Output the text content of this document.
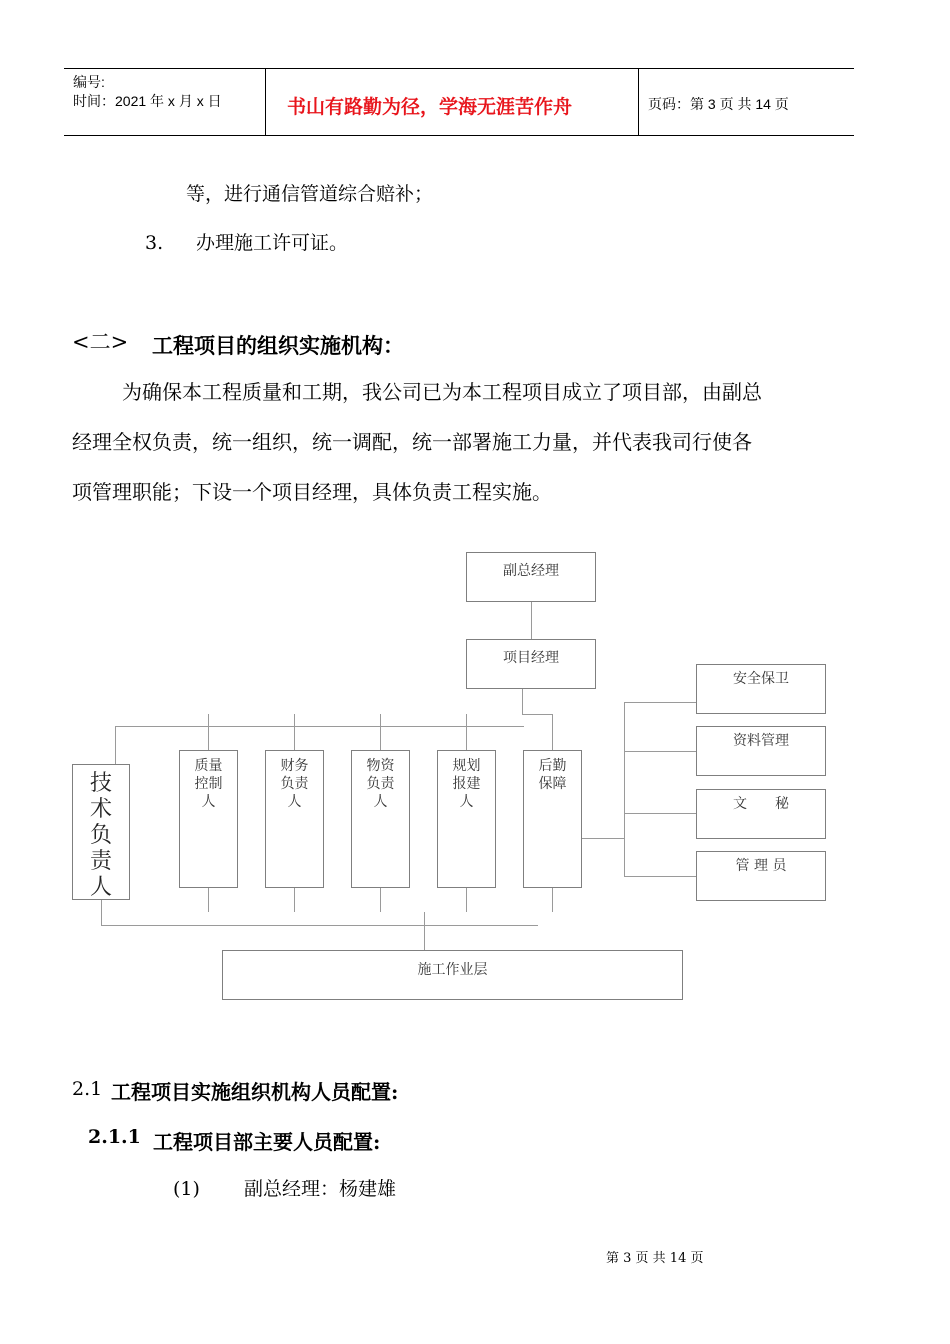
编号:
时间：2021 年 x 月 x 日	书山有路勤为径，学海无涯苦作舟	页码：第 3 页 共 14 页
等，进行通信管道综合赔补；
3. 办理施工许可证。
<二> 工程项目的组织实施机构：
为确保本工程质量和工期，我公司已为本工程项目成立了项目部，由副总
经理全权负责，统一组织，统一调配，统一部署施工力量，并代表我司行使各
项管理职能；下设一个项目经理，具体负责工程实施。
副总经理
项目经理
技
术
负
责
人
质量
控制
人
财务
负责
人
物资
负责
人
规划
报建
人
后勤
保障
安全保卫
资料管理
文　　秘
管 理 员
施工作业层
2.1 工程项目实施组织机构人员配置:
2.1.1 工程项目部主要人员配置:
(1) 副总经理：杨建雄
第 3 页 共 14 页
